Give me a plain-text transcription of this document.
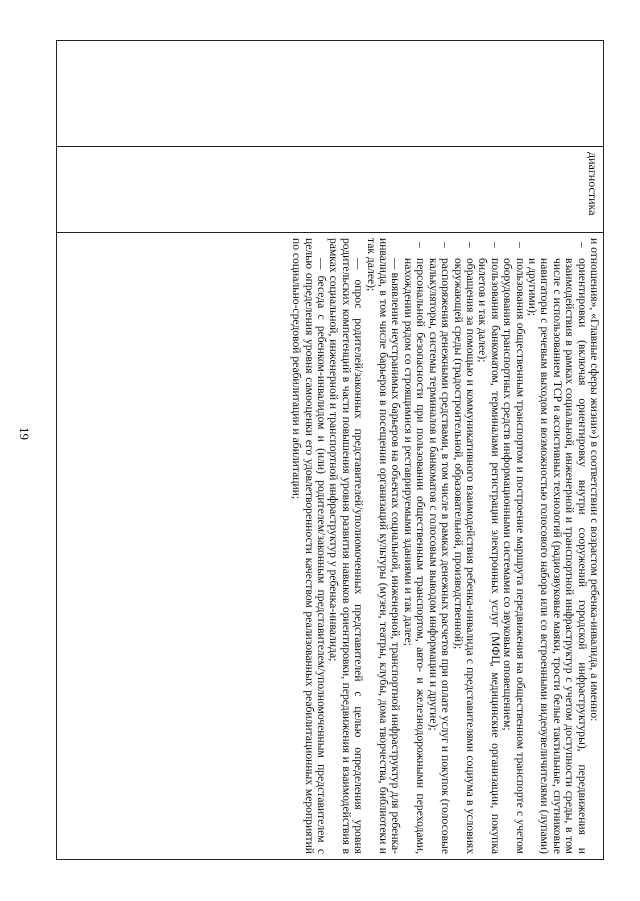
19
	диагностика	

и отношения», «Главные сферы жизни») в соответствии с возрастом ребенка-инвалида, а именно:

–
ориентировки (включая ориентировку внутри сооружений городской инфраструктуры), передвижения и взаимодействия в рамках социальной, инженерной и транспортной инфраструктур с учетом доступности среды, в том числе с использованием ТСР и ассистивных технологий (радиозвуковые маяки, трости белые тактильные, спутниковые навигаторы с речевым выходом и возможностью голосового набора или со встроенными видеоувеличителями (лупами) и другими);

–
пользования общественным транспортом и построение маршрута передвижения на общественном транспорте с учетом оборудования транспортных средств информационными системами со звуковым оповещением;

–
пользования банкоматом, терминалами регистрации электронных услуг (МФЦ, медицинские организации, покупка билетов и так далее);

–
обращения за помощью и коммуникативного взаимодействия ребенка-инвалида с представителями социума в условиях окружающей среды (градостроительной, образовательной, производственной);

–
распоряжения денежными средствами, в том числе в рамках денежных расчетов при оплате услуг и покупок (голосовые калькуляторы, системы терминалов и банкоматов с голосовым выводом информации и другие);

–
персональной безопасности при пользовании общественным транспортом, авто- и железнодорожными переходами, нахождении рядом со строящимися и реставрируемыми зданиями и так далее;

— выявление неустранимых барьеров на объектах социальной, инженерной, транспортной инфраструктур для ребенка-инвалида, в том числе барьеров в посещении организаций культуры (музеи, театры, клубы, дома творчества, библиотеки и так далее);

— опрос родителей/законных представителей/уполномоченных представителей с целью определения уровня родительских компетенций в части повышения уровня развития навыков ориентировки, передвижения и взаимодействия в рамках социальной, инженерной и транспортной инфраструктур у ребенка-инвалида;

— беседа с ребенком-инвалидом и (или) родителем/законным представителем/уполномоченным представителем с целью определения уровня самооценки его удовлетворенности качеством реализованных реабилитационных мероприятий по социально-средовой реабилитации и абилитации;
